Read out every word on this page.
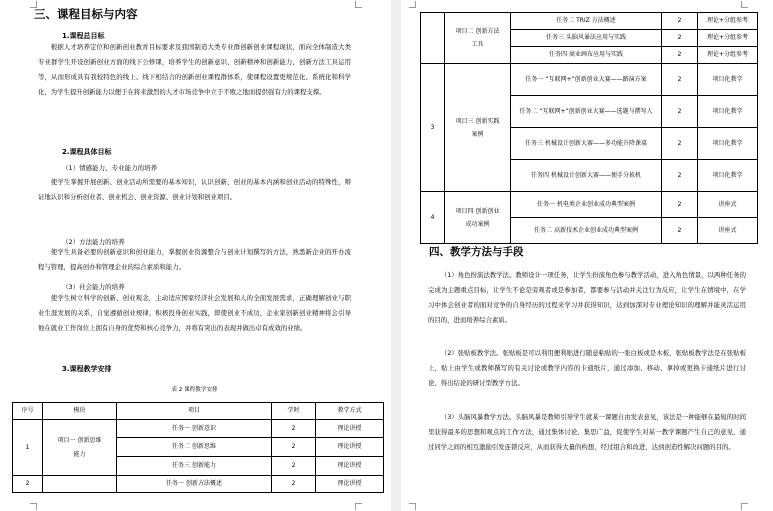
三、课程目标与内容
1.课程总目标

根据人才培养定位和创新创业教育目标要求及我国制造大类专业群创新创业课程现状，面向全体制造大类专业群学生开设创新创业方面的线下公修课，培养学生的创新意识、创新精神和创新能力，创新方法工具运用等，从而形成具有我校特色的线上、线下相结合的创新创业课程群体系，使课程设置更规范化、系统化和科学化，为学生提升创新能力以便于在将来激烈的人才市场竞争中立于不败之地而提供强有力的课程支撑。

2.课程具体目标
（1）情感能力、专业能力的培养

使学生掌握开展创新、创业活动所需要的基本知识，认识创新、创业的基本内涵和创业活动的特殊性，辩证地认识和分析创业者、创业机会、创业资源、创业计划和创业项目。

（2）方法能力的培养

使学生具备必要的创新意识和创业能力，掌握创业资源整合与创业计划撰写的方法，熟悉新企业的开办流程与管理，提高创办和管理企业的综合素质和能力。

（3）社会能力的培养

使学生树立科学的创新、创业观念，主动适应国家经济社会发展和人的全面发展需求，正确理解创业与职业生涯发展的关系，自觉遵循创业规律，积极投身创业实践，即使创业不成功，企业家创新创业精神将会引导他在就业工作岗位上拥有自身的优势和核心竞争力，并将有突出的表现并做出卓有成效的业绩。

3.课程教学安排
表 2 课程教学安排
序号	模块	项目	学时	教学方式
1	项目一 创新思维能力	任务一 创新意识	2	理论讲授
		任务二 创新思维	2	理论讲授
		任务三 创新能力	2	理论讲授
2		任务一 创新方法概述	2	理论讲授
	项目二 创新方法工具	任务二 TRIZ 方法概述	2	理论+分组参考
		任务三 头脑风暴法应用与实践	2	理论+分组参考
		任务四 商业画布应用与实践	2	理论+分组参考
3	项目三 创新实践案例	任务一 “互联网+”创新创业大赛——路演方案	2	项目化教学
		任务二 “互联网+”创新创业大赛——选题与撰写人	2	项目化教学
		任务三 机械设计创新大赛——多功能升降课桌	2	项目化教学
		任务四 机械设计创新大赛——便手分拣机	2	项目化教学
4	项目四 创新创业成功案例	任务一 机电类企业创业成功典型案例	2	讲座式
		任务二 高新技术企业创业成功典型案例	2	讲座式
四、教学方法与手段

（1）角色扮演法教学法。教师设计一项任务，让学生扮演角色参与教学活动，进入角色情景，以两种任务的完成为主题重点目标，让学生不论是旁观者或是参加者，都要参与活动并关注行为反应，让学生在情境中，在学习中体会创业者的面对竞争的自身经历的过程来学习并获得知识，达到加深对专业理论知识的理解并能灵活运用的目的，进而培养综合素质。

（2）张贴板教学法。张贴板是可以利用便利贴进行随意粘贴的一张白板或是木板，张贴板教学法是在张贴板上，贴上由学生或教师撰写的有关讨论或教学内容的卡通纸片，通过添加、移动、拿掉或更换卡通纸片进行讨论、得出结论的研讨型教学方法。

（3）头脑风暴教学方法。头脑风暴是教师引导学生就某一课题自由发表意见，该法是一种能够在最短的时间里获得最多的思想和观点的工作方法，通过集体讨论、集思广益，促使学生对某一教学课题产生自己的意见，通过同学之间的相互激励引发连锁反应，从而获得大量的构想，经过组合和改进，达到创造性解决问题的目的。
